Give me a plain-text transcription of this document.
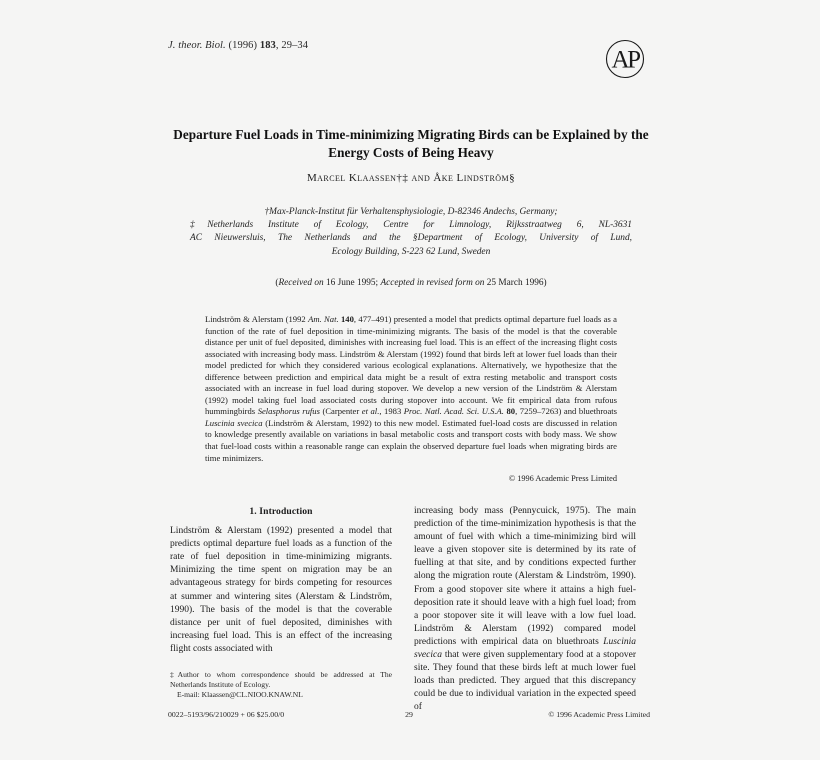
J. theor. Biol. (1996) 183, 29–34
AP
Departure Fuel Loads in Time-minimizing Migrating Birds can be Explained by the Energy Costs of Being Heavy
Marcel Klaassen†‡ and Åke Lindström§
†Max-Planck-Institut für Verhaltensphysiologie, D-82346 Andechs, Germany;
‡Netherlands Institute of Ecology, Centre for Limnology, Rijksstraatweg 6, NL-3631
AC Nieuwersluis, The Netherlands and the §Department of Ecology, University of Lund,
Ecology Building, S-223 62 Lund, Sweden
(Received on 16 June 1995; Accepted in revised form on 25 March 1996)
Lindström & Alerstam (1992 Am. Nat. 140, 477–491) presented a model that predicts optimal departure fuel loads as a function of the rate of fuel deposition in time-minimizing migrants. The basis of the model is that the coverable distance per unit of fuel deposited, diminishes with increasing fuel load. This is an effect of the increasing flight costs associated with increasing body mass. Lindström & Alerstam (1992) found that birds left at lower fuel loads than their model predicted for which they considered various ecological explanations. Alternatively, we hypothesize that the difference between prediction and empirical data might be a result of extra resting metabolic and transport costs associated with an increase in fuel load during stopover. We develop a new version of the Lindström & Alerstam (1992) model taking fuel load associated costs during stopover into account. We fit empirical data from rufous hummingbirds Selasphorus rufus (Carpenter et al., 1983 Proc. Natl. Acad. Sci. U.S.A. 80, 7259–7263) and bluethroats Luscinia svecica (Lindström & Alerstam, 1992) to this new model. Estimated fuel-load costs are discussed in relation to knowledge presently available on variations in basal metabolic costs and transport costs with body mass. We show that fuel-load costs within a reasonable range can explain the observed departure fuel loads when migrating birds are time minimizers.
© 1996 Academic Press Limited
1. Introduction

Lindström & Alerstam (1992) presented a model that predicts optimal departure fuel loads as a function of the rate of fuel deposition in time-minimizing migrants. Minimizing the time spent on migration may be an advantageous strategy for birds competing for resources at summer and wintering sites (Alerstam & Lindström, 1990). The basis of the model is that the coverable distance per unit of fuel deposited, diminishes with increasing fuel load. This is an effect of the increasing flight costs associated with

increasing body mass (Pennycuick, 1975). The main prediction of the time-minimization hypothesis is that the amount of fuel with which a time-minimizing bird will leave a given stopover site is determined by its rate of fuelling at that site, and by conditions expected further along the migration route (Alerstam & Lindström, 1990). From a good stopover site where it attains a high fuel-deposition rate it should leave with a high fuel load; from a poor stopover site it will leave with a low fuel load. Lindström & Alerstam (1992) compared model predictions with empirical data on bluethroats Luscinia svecica that were given supplementary food at a stopover site. They found that these birds left at much lower fuel loads than predicted. They argued that this discrepancy could be due to individual variation in the expected speed of

‡Author to whom correspondence should be addressed at The Netherlands Institute of Ecology.
E-mail: Klaassen@CL.NIOO.KNAW.NL
0022–5193/96/210029 + 06 $25.00/0	29	© 1996 Academic Press Limited
